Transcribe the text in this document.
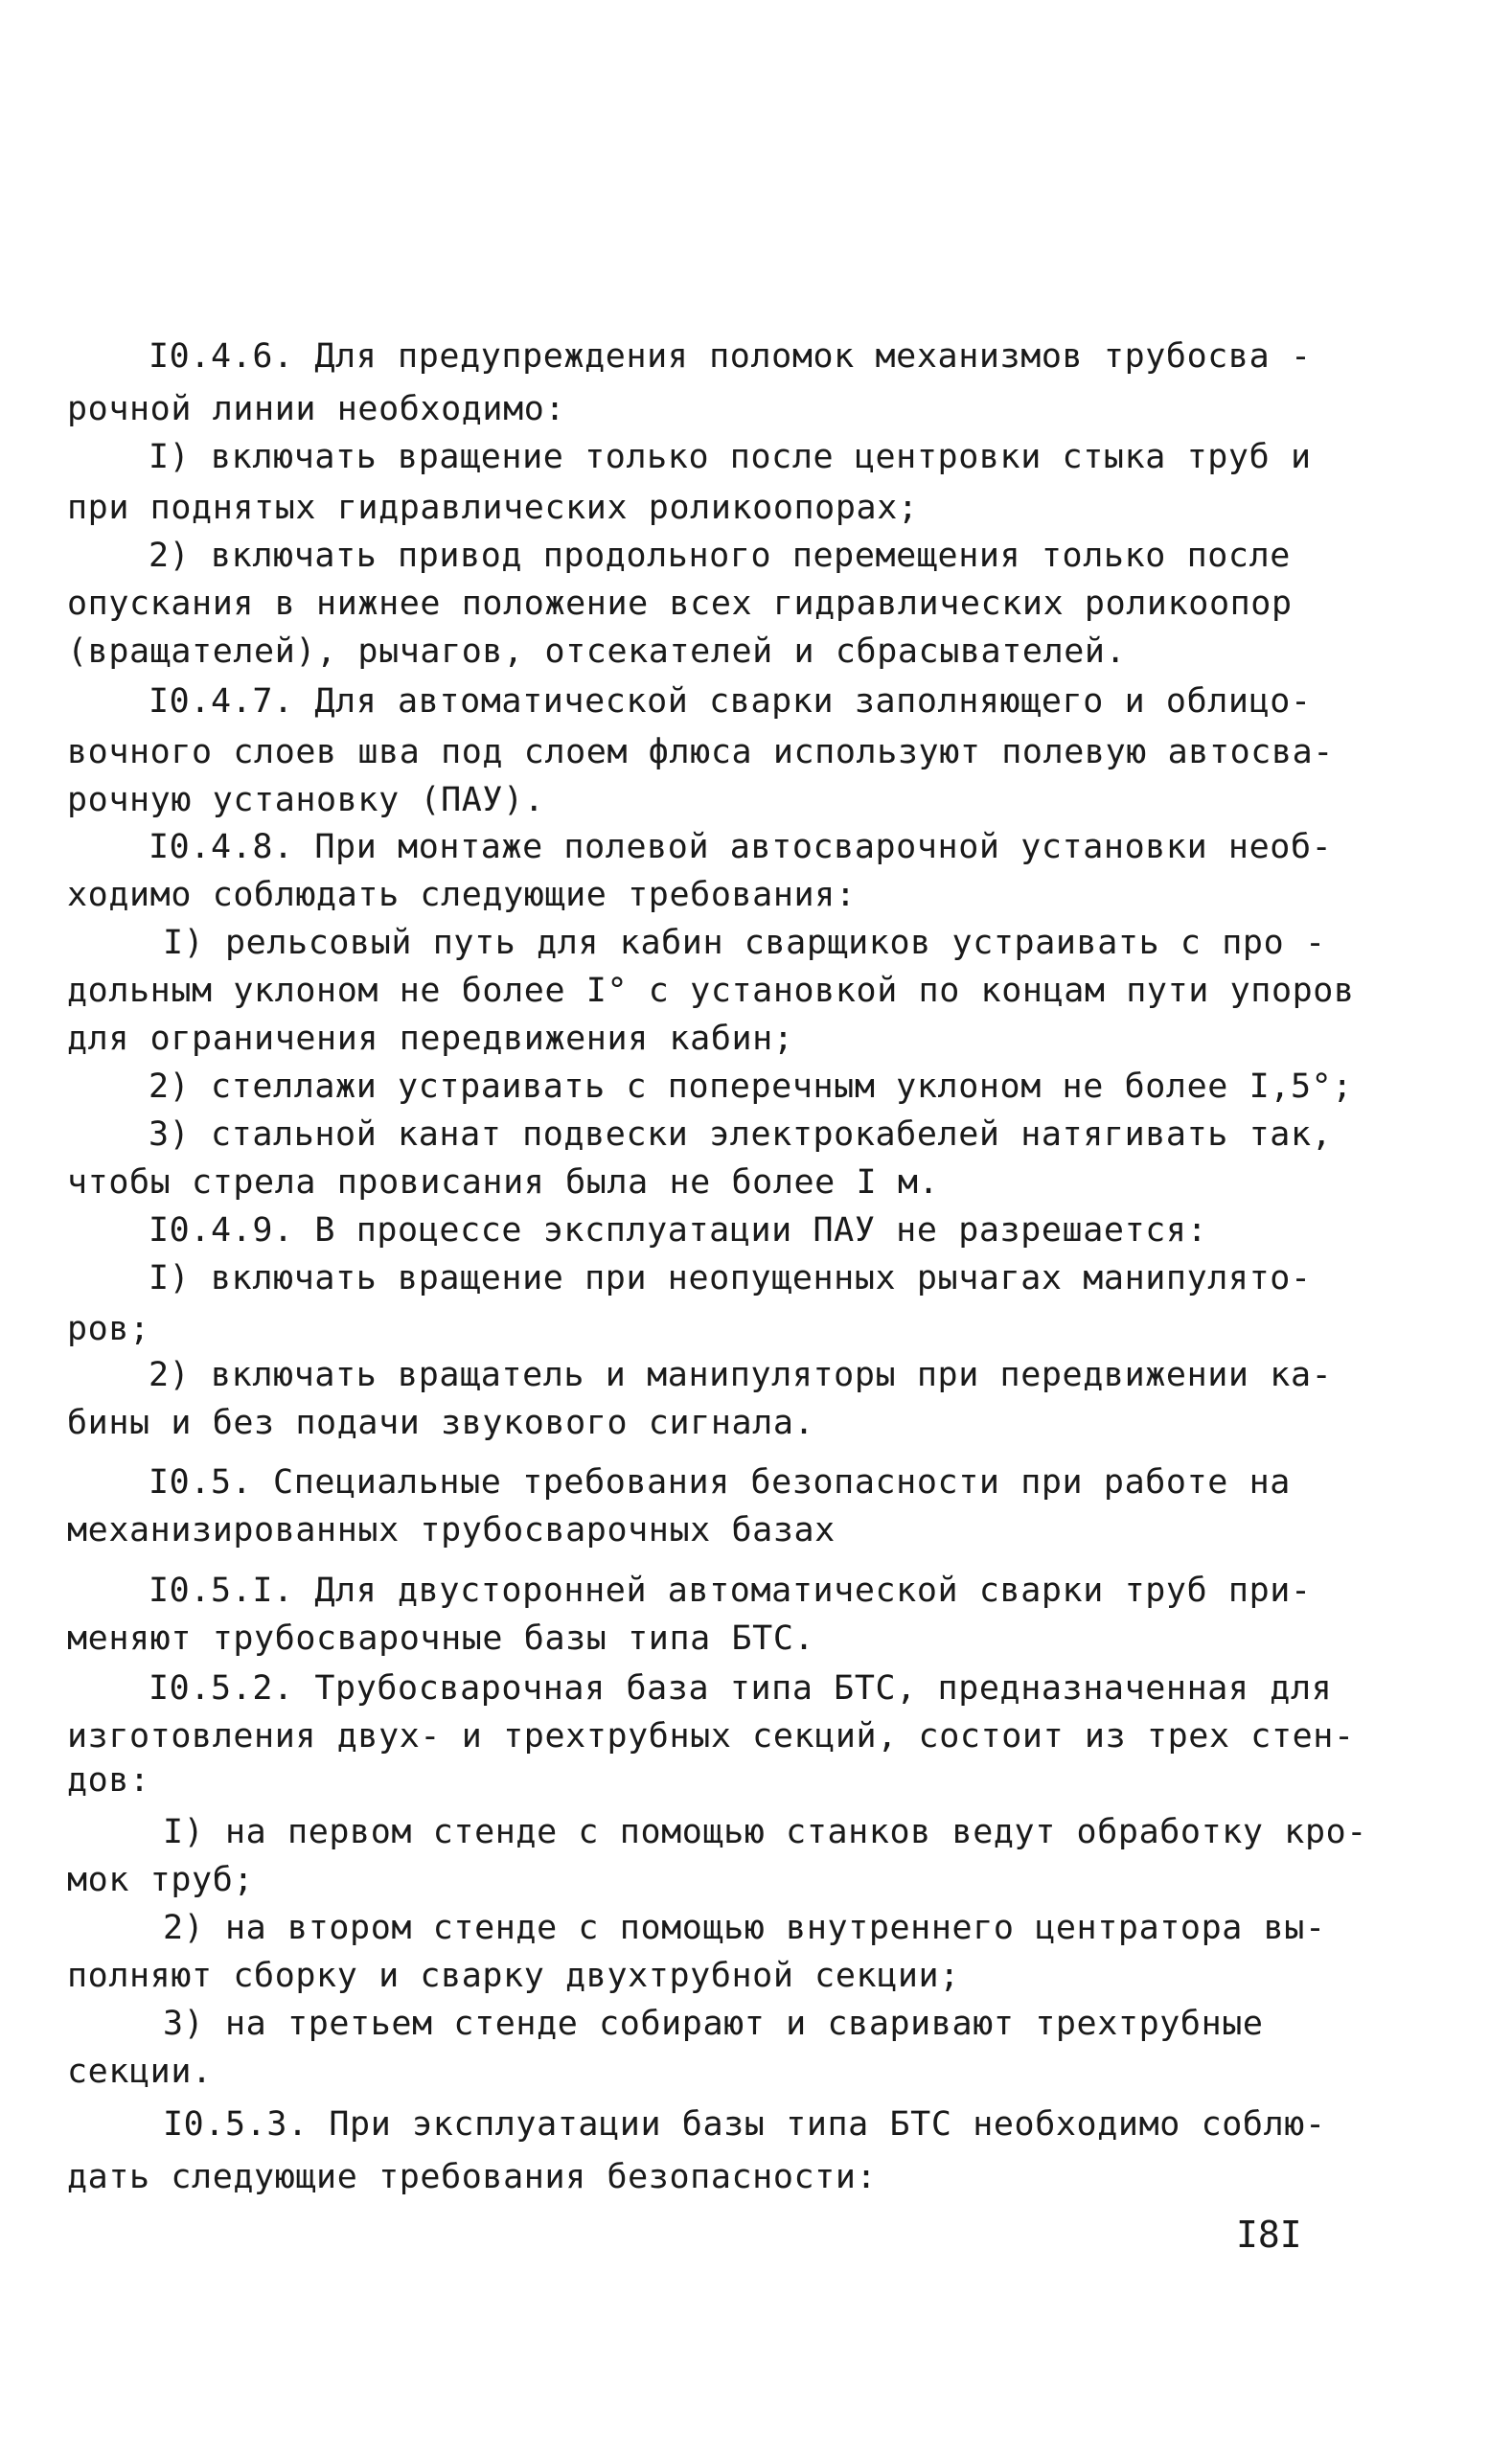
I0.4.6. Для предупреждения поломок механизмов трубосва -
рочной линии необходимо:
I) включать вращение только после центровки стыка труб и
при поднятых гидравлических роликоопорах;
2) включать привод продольного перемещения только после
опускания в нижнее положение всех гидравлических роликоопор
(вращателей), рычагов, отсекателей и сбрасывателей.
I0.4.7. Для автоматической сварки заполняющего и облицо-
вочного слоев шва под слоем флюса используют полевую автосва-
рочную установку (ПАУ).
I0.4.8. При монтаже полевой автосварочной установки необ-
ходимо соблюдать следующие требования:
I) рельсовый путь для кабин сварщиков устраивать с про -
дольным уклоном не более I° с установкой по концам пути упоров
для ограничения передвижения кабин;
2) стеллажи устраивать с поперечным уклоном не более I,5°;
3) стальной канат подвески электрокабелей натягивать так,
чтобы стрела провисания была не более I м.
I0.4.9. В процессе эксплуатации ПАУ не разрешается:
I) включать вращение при неопущенных рычагах манипулято-
ров;
2) включать вращатель и манипуляторы при передвижении ка-
бины и без подачи звукового сигнала.
I0.5. Специальные требования безопасности при работе на
механизированных трубосварочных базах
I0.5.I. Для двусторонней автоматической сварки труб при-
меняют трубосварочные базы типа БТС.
I0.5.2. Трубосварочная база типа БТС, предназначенная для
изготовления двух- и трехтрубных секций, состоит из трех стен-
дов:
I) на первом стенде с помощью станков ведут обработку кро-
мок труб;
2) на втором стенде с помощью внутреннего центратора вы-
полняют сборку и сварку двухтрубной секции;
3) на третьем стенде собирают и сваривают трехтрубные
секции.
I0.5.3. При эксплуатации базы типа БТС необходимо соблю-
дать следующие требования безопасности:
I8I
